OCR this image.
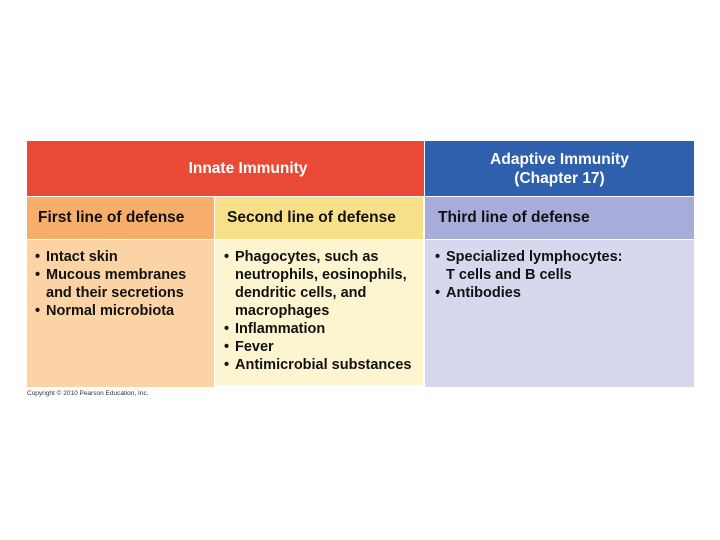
Innate Immunity
Adaptive Immunity
(Chapter 17)
First line of defense	Second line of defense	Third line of defense
• Intact skin
• Mucous membranes
and their secretions
• Normal microbiota
• Phagocytes, such as
neutrophils, eosinophils,
dendritic cells, and
macrophages
• Inflammation
• Fever
• Antimicrobial substances
• Specialized lymphocytes:
T cells and B cells
• Antibodies
Copyright © 2010 Pearson Education, Inc.
